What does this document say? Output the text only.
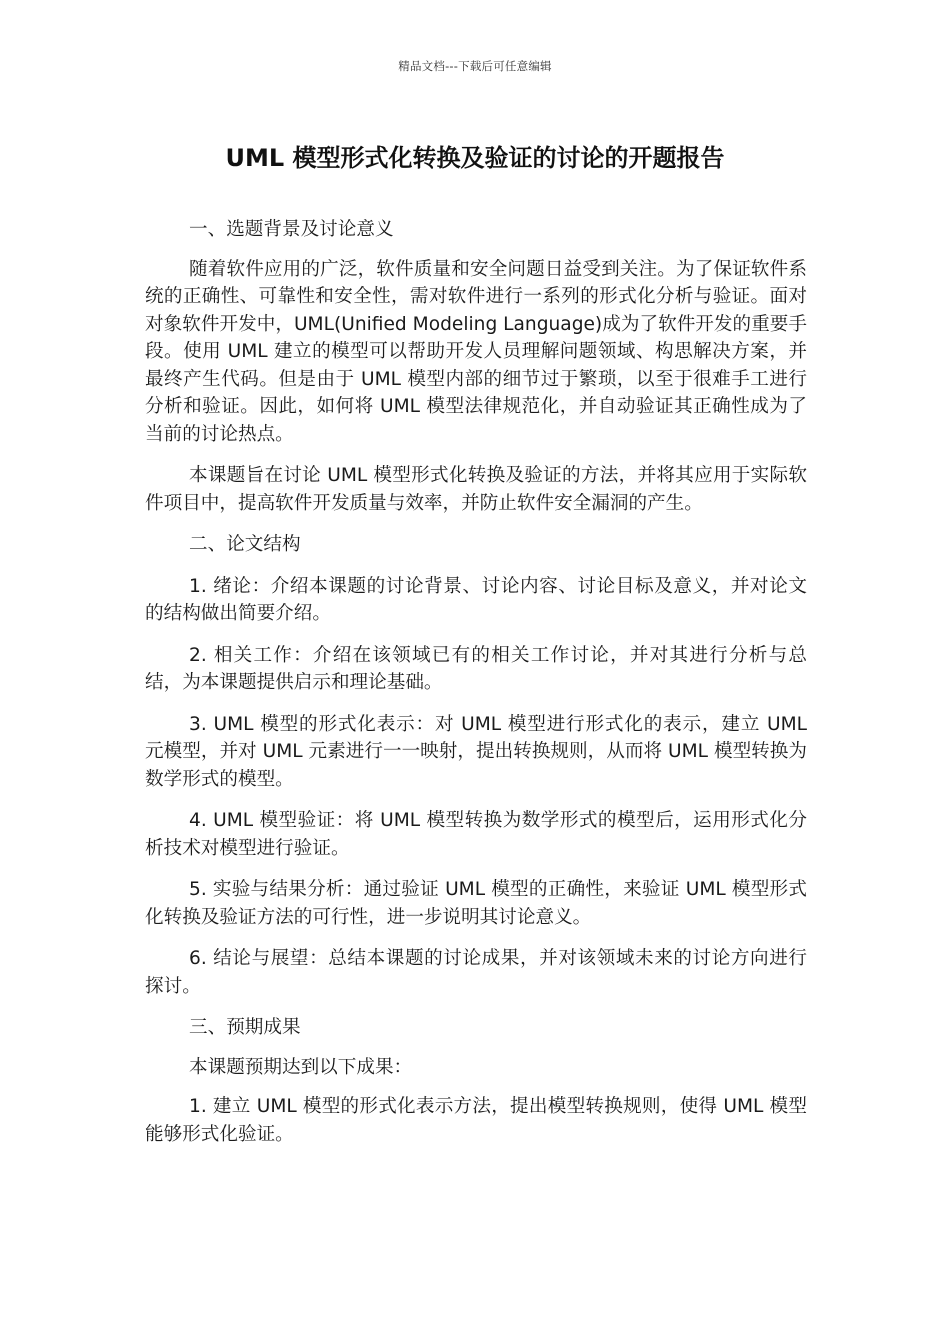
精品文档---下载后可任意编辑
UML 模型形式化转换及验证的讨论的开题报告

一、选题背景及讨论意义

随着软件应用的广泛，软件质量和安全问题日益受到关注。为了保证软件系统的正确性、可靠性和安全性，需对软件进行一系列的形式化分析与验证。面对对象软件开发中，UML(Unified Modeling Language)成为了软件开发的重要手段。使用 UML 建立的模型可以帮助开发人员理解问题领域、构思解决方案，并最终产生代码。但是由于 UML 模型内部的细节过于繁琐，以至于很难手工进行分析和验证。因此，如何将 UML 模型法律规范化，并自动验证其正确性成为了当前的讨论热点。

本课题旨在讨论 UML 模型形式化转换及验证的方法，并将其应用于实际软件项目中，提高软件开发质量与效率，并防止软件安全漏洞的产生。

二、论文结构

1. 绪论：介绍本课题的讨论背景、讨论内容、讨论目标及意义，并对论文的结构做出简要介绍。

2. 相关工作：介绍在该领域已有的相关工作讨论，并对其进行分析与总结，为本课题提供启示和理论基础。

3. UML 模型的形式化表示：对 UML 模型进行形式化的表示，建立 UML 元模型，并对 UML 元素进行一一映射，提出转换规则，从而将 UML 模型转换为数学形式的模型。

4. UML 模型验证：将 UML 模型转换为数学形式的模型后，运用形式化分析技术对模型进行验证。

5. 实验与结果分析：通过验证 UML 模型的正确性，来验证 UML 模型形式化转换及验证方法的可行性，进一步说明其讨论意义。

6. 结论与展望：总结本课题的讨论成果，并对该领域未来的讨论方向进行探讨。

三、预期成果

本课题预期达到以下成果：

1. 建立 UML 模型的形式化表示方法，提出模型转换规则，使得 UML 模型能够形式化验证。
